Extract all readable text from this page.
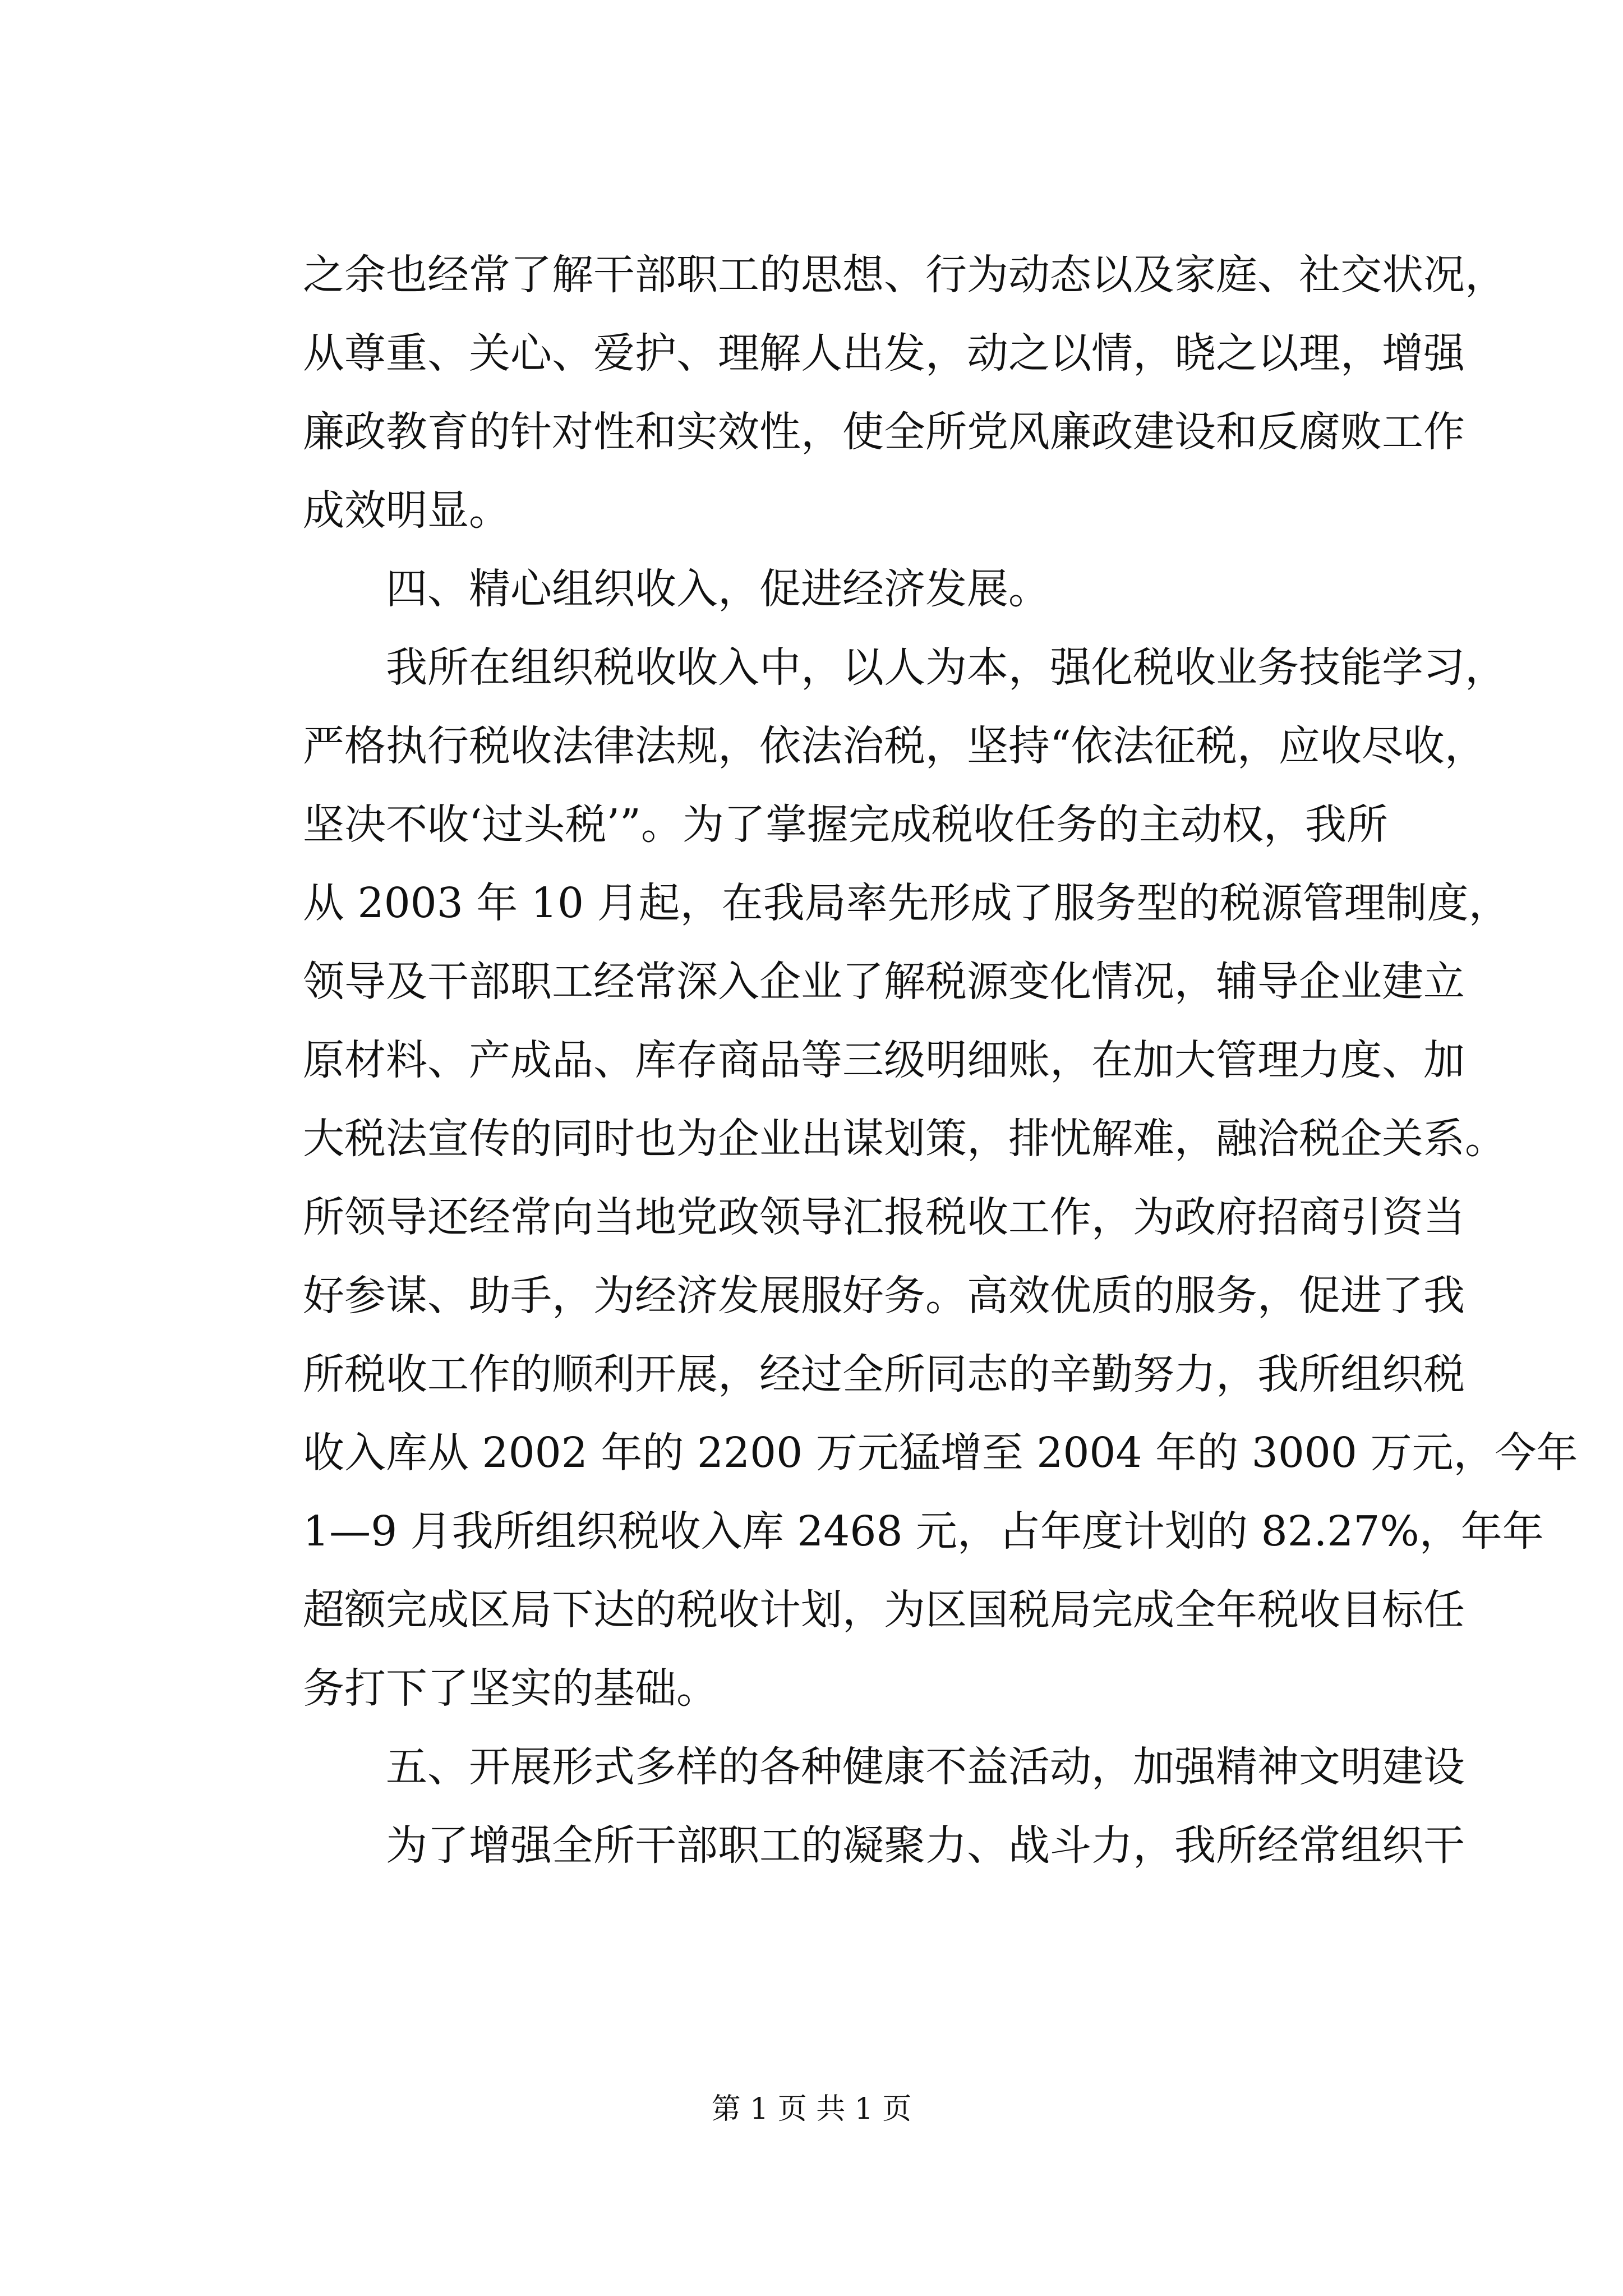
之余也经常了解干部职工的思想、行为动态以及家庭、社交状况，
从尊重、关心、爱护、理解人出发，动之以情，晓之以理，增强
廉政教育的针对性和实效性，使全所党风廉政建设和反腐败工作
成效明显。
四、精心组织收入，促进经济发展。
我所在组织税收收入中，以人为本，强化税收业务技能学习，
严格执行税收法律法规，依法治税，坚持“依法征税，应收尽收，
坚决不收‘过头税’”。为了掌握完成税收任务的主动权，我所
从 2003 年 10 月起，在我局率先形成了服务型的税源管理制度，
领导及干部职工经常深入企业了解税源变化情况，辅导企业建立
原材料、产成品、库存商品等三级明细账，在加大管理力度、加
大税法宣传的同时也为企业出谋划策，排忧解难，融洽税企关系。
所领导还经常向当地党政领导汇报税收工作，为政府招商引资当
好参谋、助手，为经济发展服好务。高效优质的服务，促进了我
所税收工作的顺利开展，经过全所同志的辛勤努力，我所组织税
收入库从 2002 年的 2200 万元猛增至 2004 年的 3000 万元，今年
1—9 月我所组织税收入库 2468 元，占年度计划的 82.27%，年年
超额完成区局下达的税收计划，为区国税局完成全年税收目标任
务打下了坚实的基础。
五、开展形式多样的各种健康不益活动，加强精神文明建设
为了增强全所干部职工的凝聚力、战斗力，我所经常组织干
第 1 页 共 1 页
